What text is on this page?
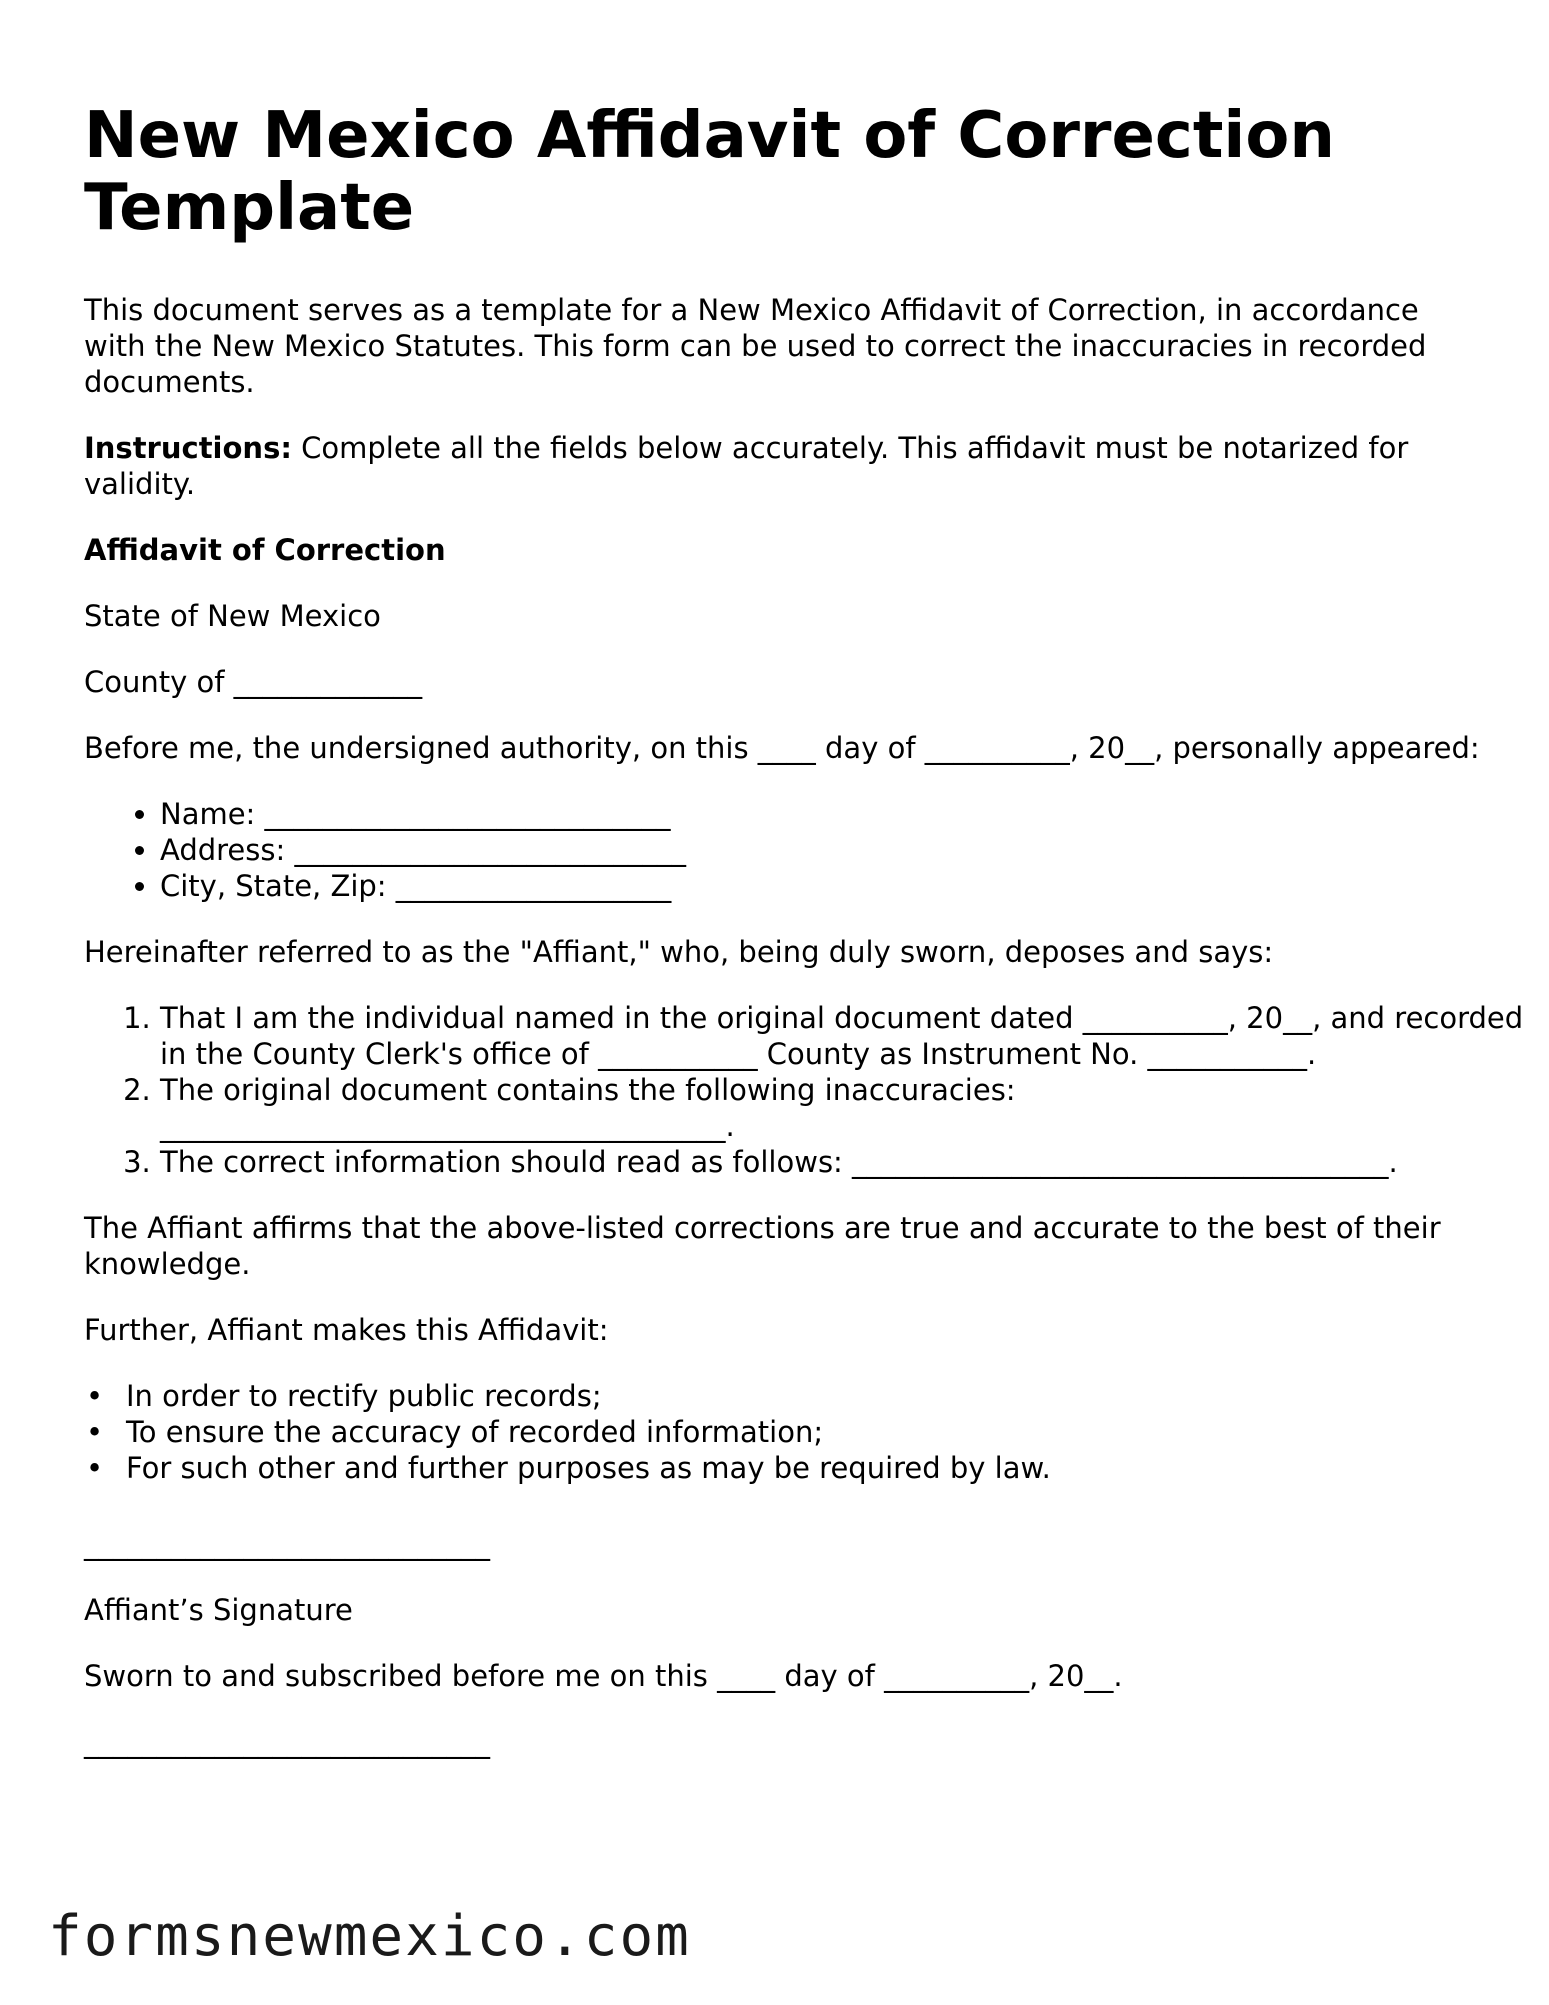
New Mexico Affidavit of Correction Template

This document serves as a template for a New Mexico Affidavit of Correction, in accordance with the New Mexico Statutes. This form can be used to correct the inaccuracies in recorded documents.

Instructions: Complete all the fields below accurately. This affidavit must be notarized for validity.

Affidavit of Correction

State of New Mexico

County of _____________

Before me, the undersigned authority, on this ____ day of __________, 20__, personally appeared:

• Name: ____________________________
• Address: ___________________________
• City, State, Zip: ___________________

Hereinafter referred to as the "Affiant," who, being duly sworn, deposes and says:

1. That I am the individual named in the original document dated __________, 20__, and recorded in the County Clerk's office of ___________ County as Instrument No. ___________.
2. The original document contains the following inaccuracies: _______________________________________.
3. The correct information should read as follows: _____________________________________.

The Affiant affirms that the above-listed corrections are true and accurate to the best of their knowledge.

Further, Affiant makes this Affidavit:

• In order to rectify public records;
• To ensure the accuracy of recorded information;
• For such other and further purposes as may be required by law.
____________________________

Affiant’s Signature

Sworn to and subscribed before me on this ____ day of __________, 20__.

____________________________
formsnewmexico.com
